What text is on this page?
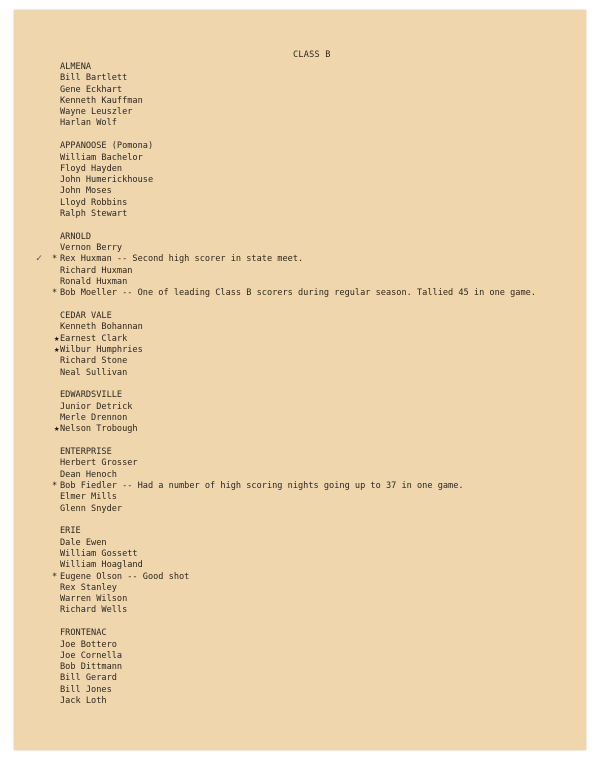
CLASS B
ALMENA
Bill Bartlett
Gene Eckhart
Kenneth Kauffman
Wayne Leuszler
Harlan Wolf
APPANOOSE (Pomona)
William Bachelor
Floyd Hayden
John Humerickhouse
John Moses
Lloyd Robbins
Ralph Stewart
ARNOLD
Vernon Berry
✓ * Rex Huxman -- Second high scorer in state meet.
Richard Huxman
Ronald Huxman
* Bob Moeller -- One of leading Class B scorers during regular season. Tallied 45 in one game.
CEDAR VALE
Kenneth Bohannan
★ Earnest Clark
★ Wilbur Humphries
Richard Stone
Neal Sullivan
EDWARDSVILLE
Junior Detrick
Merle Drennon
★ Nelson Trobough
ENTERPRISE
Herbert Grosser
Dean Henoch
* Bob Fiedler -- Had a number of high scoring nights going up to 37 in one game.
Elmer Mills
Glenn Snyder
ERIE
Dale Ewen
William Gossett
William Hoagland
* Eugene Olson -- Good shot
Rex Stanley
Warren Wilson
Richard Wells
FRONTENAC
Joe Bottero
Joe Cornella
Bob Dittmann
Bill Gerard
Bill Jones
Jack Loth
